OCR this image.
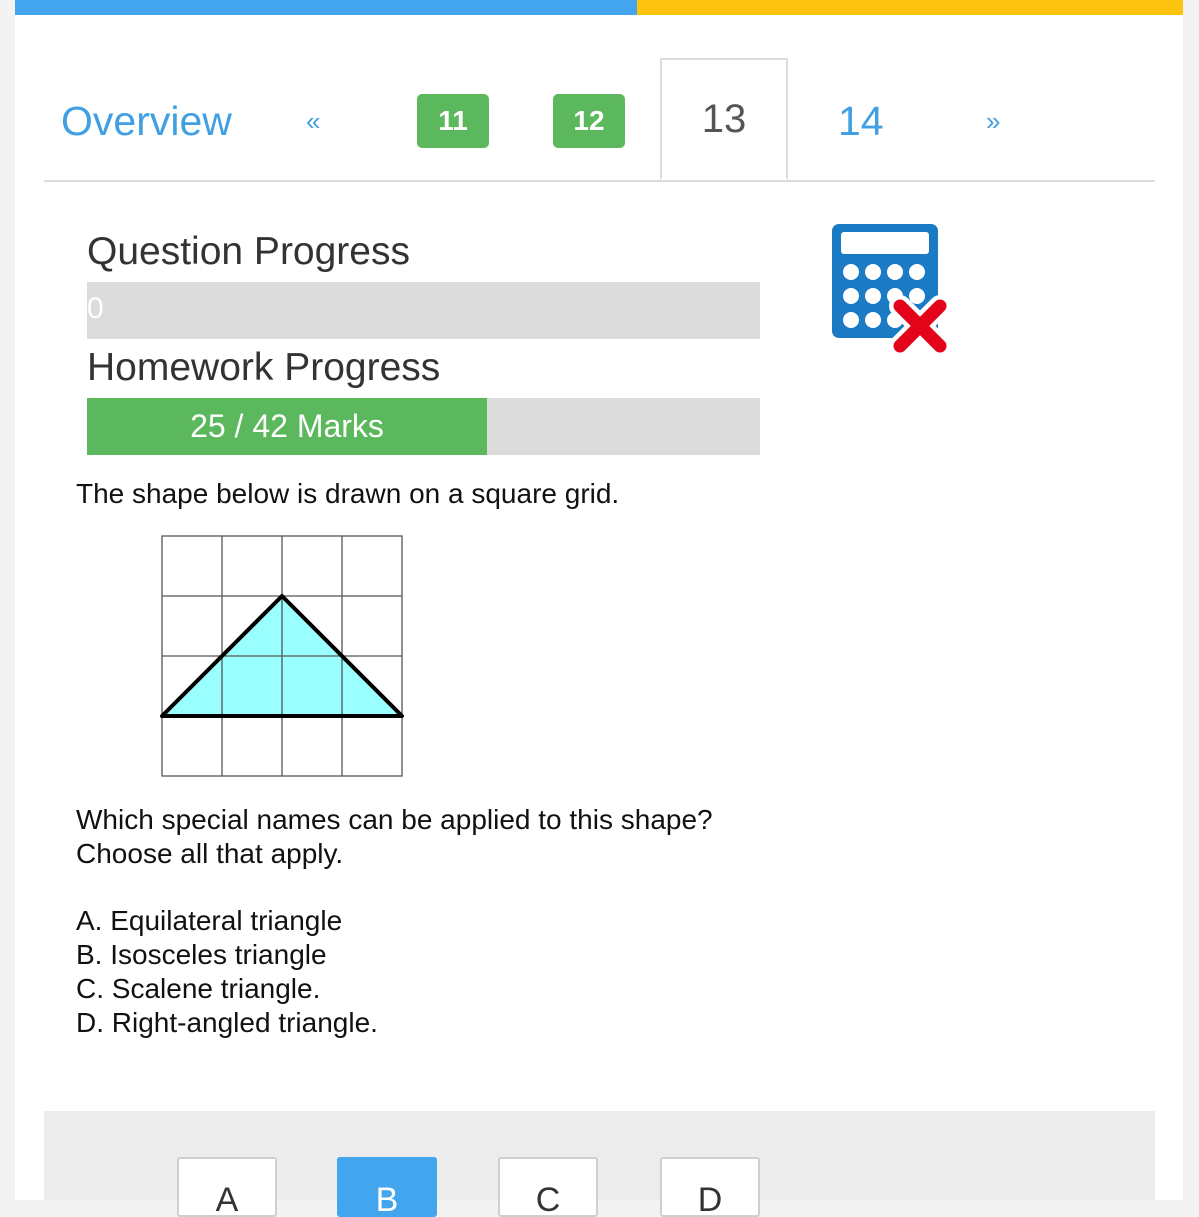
Overview	«	11	12	13	14	»
Question Progress
0
Homework Progress
25 / 42 Marks
The shape below is drawn on a square grid.
Which special names can be applied to this shape?
Choose all that apply.
A. Equilateral triangle
B. Isosceles triangle
C. Scalene triangle.
D. Right-angled triangle.
A	B	C	D
